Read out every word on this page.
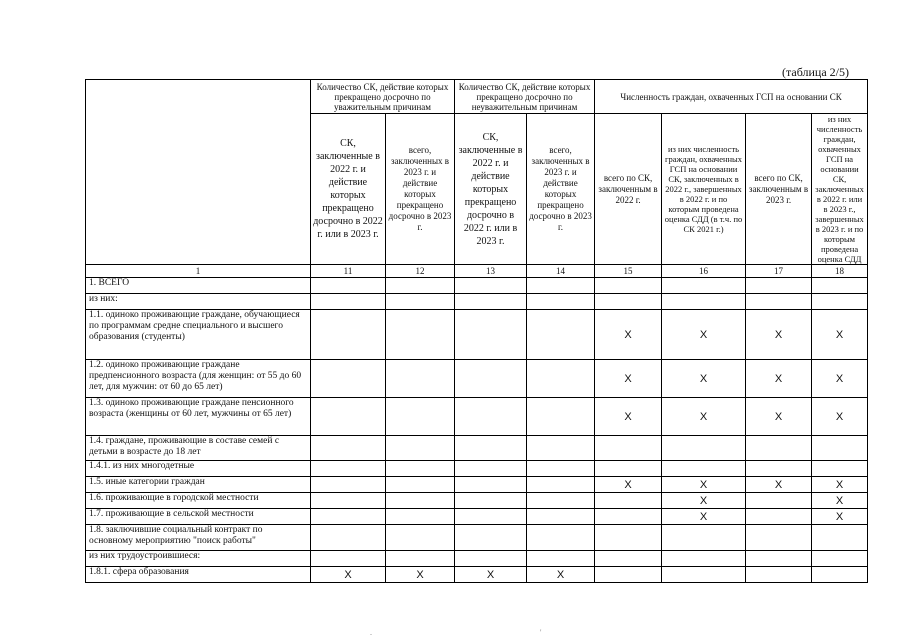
(таблица 2/5)
	Количество СК, действие которых прекращено досрочно по уважительным причинам		Количество СК, действие которых прекращено досрочно по неуважительным причинам		Численность граждан, охваченных ГСП на основании СК			
	СК, заключенные в 2022 г. и действие которых прекращено досрочно в 2022 г. или в 2023 г.	всего, заключенных в 2023 г. и действие которых прекращено досрочно в 2023 г.	СК, заключенные в 2022 г. и действие которых прекращено досрочно в 2022 г. или в 2023 г.	всего, заключенных в 2023 г. и действие которых прекращено досрочно в 2023 г.	всего по СК, заключенным в 2022 г.	из них численность граждан, охваченных ГСП на основании СК, заключенных в 2022 г., завершенных в 2022 г. и по которым проведена оценка СДД (в т.ч. по СК 2021 г.)	всего по СК, заключенным в 2023 г.	из них численность граждан, охваченных ГСП на основании СК, заключенных в 2022 г. или в 2023 г., завершенных в 2023 г. и по которым проведена оценка СДД
1	11	12	13	14	15	16	17	18
1. ВСЕГО								
из них:								
1.1. одиноко проживающие граждане, обучающиеся по программам средне специального и высшего образования (студенты)					X	X	X	X
1.2. одиноко проживающие граждане предпенсионного возраста (для женщин: от 55 до 60 лет, для мужчин: от 60 до 65 лет)					X	X	X	X
1.3. одиноко проживающие граждане пенсионного возраста (женщины от 60 лет, мужчины от 65 лет)					X	X	X	X
1.4. граждане, проживающие в составе семей с детьми в возрасте до 18 лет								
1.4.1. из них многодетные								
1.5. иные категории граждан					X	X	X	X
1.6. проживающие в городской местности						X		X
1.7. проживающие в сельской местности						X		X
1.8. заключившие социальный контракт по основному мероприятию "поиск работы"								
из них трудоустроившиеся:								
1.8.1. сфера образования	X	X	X	X				
.	'
